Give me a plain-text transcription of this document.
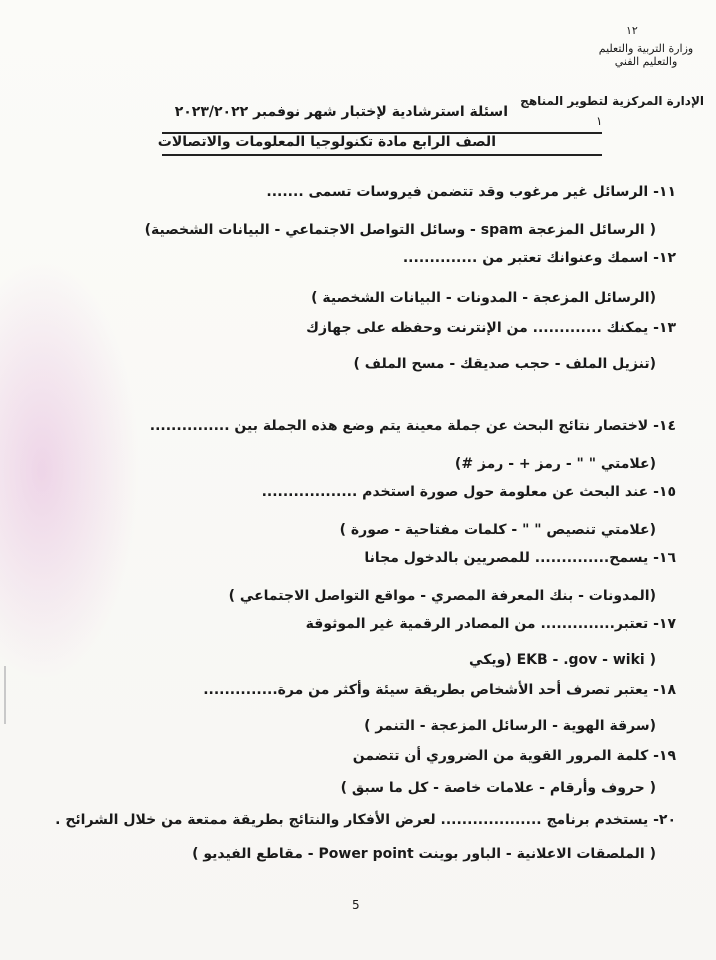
١٢
وزارة التربية والتعليم والتعليم الفني
الإدارة المركزية لتطوير المناهج
١
اسئلة استرشادية لإختبار شهر نوفمبر ٢٠٢٣/٢٠٢٢
الصف الرابع مادة تكنولوجيا المعلومات والاتصالات
١١- الرسائل غير مرغوب وقد تتضمن فيروسات تسمى .......
( الرسائل المزعجة spam - وسائل التواصل الاجتماعي - البيانات الشخصية)
١٢- اسمك وعنوانك تعتبر من ..............
(الرسائل المزعجة - المدونات - البيانات الشخصية )
١٣- يمكنك ............. من الإنترنت وحفظه على جهازك
(تنزيل الملف - حجب صديقك - مسح الملف )
١٤- لاختصار نتائج البحث عن جملة معينة يتم وضع هذه الجملة بين ...............
(علامتي " " - رمز + - رمز #)
١٥- عند البحث عن معلومة حول صورة استخدم ..................
(علامتي تنصيص " " - كلمات مفتاحية - صورة )
١٦- يسمح.............. للمصريين بالدخول مجانا
(المدونات - بنك المعرفة المصري - مواقع التواصل الاجتماعي )
١٧- تعتبر.............. من المصادر الرقمية غير الموثوقة
( EKB - .gov - wiki (ويكي
١٨- يعتبر تصرف أحد الأشخاص بطريقة سيئة وأكثر من مرة..............
(سرقة الهوية - الرسائل المزعجة - التنمر )
١٩- كلمة المرور القوية من الضروري أن تتضمن
( حروف وأرقام - علامات خاصة - كل ما سبق )
٢٠- يستخدم برنامج ................... لعرض الأفكار والنتائج بطريقة ممتعة من خلال الشرائح .
( الملصقات الاعلانية - الباور بوينت Power point - مقاطع الفيديو )
5
